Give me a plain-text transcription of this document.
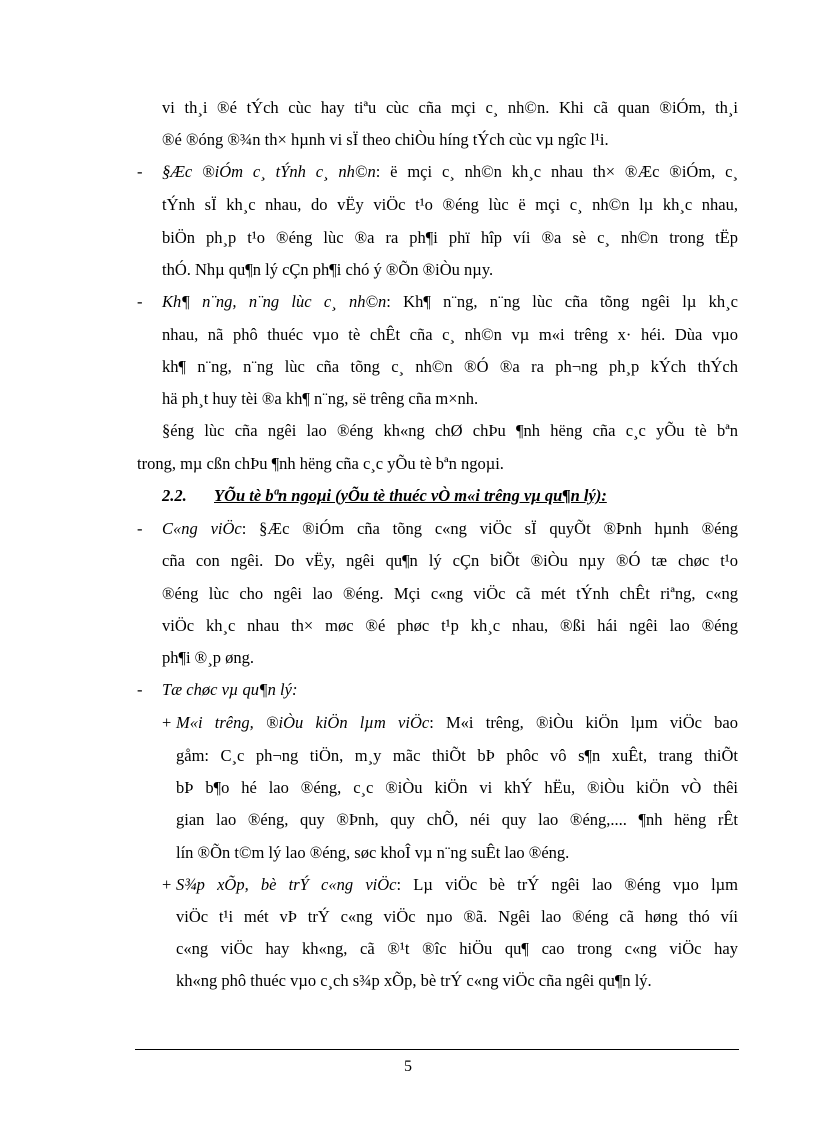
vi th¸i ®é tÝch cùc hay tiªu cùc cña mçi c¸ nh©n. Khi cã quan ®iÓm, th¸i
®é ®óng ®¾n th× hµnh vi sÏ theo chiÒu híng tÝch cùc vµ ngîc l¹i.
- §Æc ®iÓm c¸ tÝnh c¸ nh©n: ë mçi c¸ nh©n kh¸c nhau th× ®Æc ®iÓm, c¸
tÝnh sÏ kh¸c nhau, do vËy viÖc t¹o ®éng lùc ë mçi c¸ nh©n lµ kh¸c nhau,
biÖn ph¸p t¹o ®éng lùc ®a ra ph¶i phï hîp víi ®a sè c¸ nh©n trong tËp
thÓ. Nhµ qu¶n lý cÇn ph¶i chó ý ®Õn ®iÒu nµy.
- Kh¶ n¨ng, n¨ng lùc c¸ nh©n: Kh¶ n¨ng, n¨ng lùc cña tõng ngêi lµ kh¸c
nhau, nã phô thuéc vµo tè chÊt cña c¸ nh©n vµ m«i trêng x· héi. Dùa vµo
kh¶ n¨ng, n¨ng lùc cña tõng c¸ nh©n ®Ó ®a ra ph¬ng ph¸p kÝch thÝch
hä ph¸t huy tèi ®a kh¶ n¨ng, së trêng cña m×nh.
§éng lùc cña ngêi lao ®éng kh«ng chØ chÞu ¶nh hëng cña c¸c yÕu tè bªn
trong, mµ cßn chÞu ¶nh hëng cña c¸c yÕu tè bªn ngoµi.
2.2. YÕu tè bªn ngoµi (yÕu tè thuéc vÒ m«i trêng vµ qu¶n lý):
- C«ng viÖc: §Æc ®iÓm cña tõng c«ng viÖc sÏ quyÕt ®Þnh hµnh ®éng
cña con ngêi. Do vËy, ngêi qu¶n lý cÇn biÕt ®iÒu nµy ®Ó tæ chøc t¹o
®éng lùc cho ngêi lao ®éng. Mçi c«ng viÖc cã mét tÝnh chÊt riªng, c«ng
viÖc kh¸c nhau th× møc ®é phøc t¹p kh¸c nhau, ®ßi hái ngêi lao ®éng
ph¶i ®¸p øng.
- Tæ chøc vµ qu¶n lý:
+ M«i trêng, ®iÒu kiÖn lµm viÖc: M«i trêng, ®iÒu kiÖn lµm viÖc bao
gåm: C¸c ph¬ng tiÖn, m¸y mãc thiÕt bÞ phôc vô s¶n xuÊt, trang thiÕt
bÞ b¶o hé lao ®éng, c¸c ®iÒu kiÖn vi khÝ hËu, ®iÒu kiÖn vÒ thêi
gian lao ®éng, quy ®Þnh, quy chÕ, néi quy lao ®éng,.... ¶nh hëng rÊt
lín ®Õn t©m lý lao ®éng, søc khoÎ vµ n¨ng suÊt lao ®éng.
+ S¾p xÕp, bè trÝ c«ng viÖc: Lµ viÖc bè trÝ ngêi lao ®éng vµo lµm
viÖc t¹i mét vÞ trÝ c«ng viÖc nµo ®ã. Ngêi lao ®éng cã høng thó víi
c«ng viÖc hay kh«ng, cã ®¹t ®îc hiÖu qu¶ cao trong c«ng viÖc hay
kh«ng phô thuéc vµo c¸ch s¾p xÕp, bè trÝ c«ng viÖc cña ngêi qu¶n lý.
5
